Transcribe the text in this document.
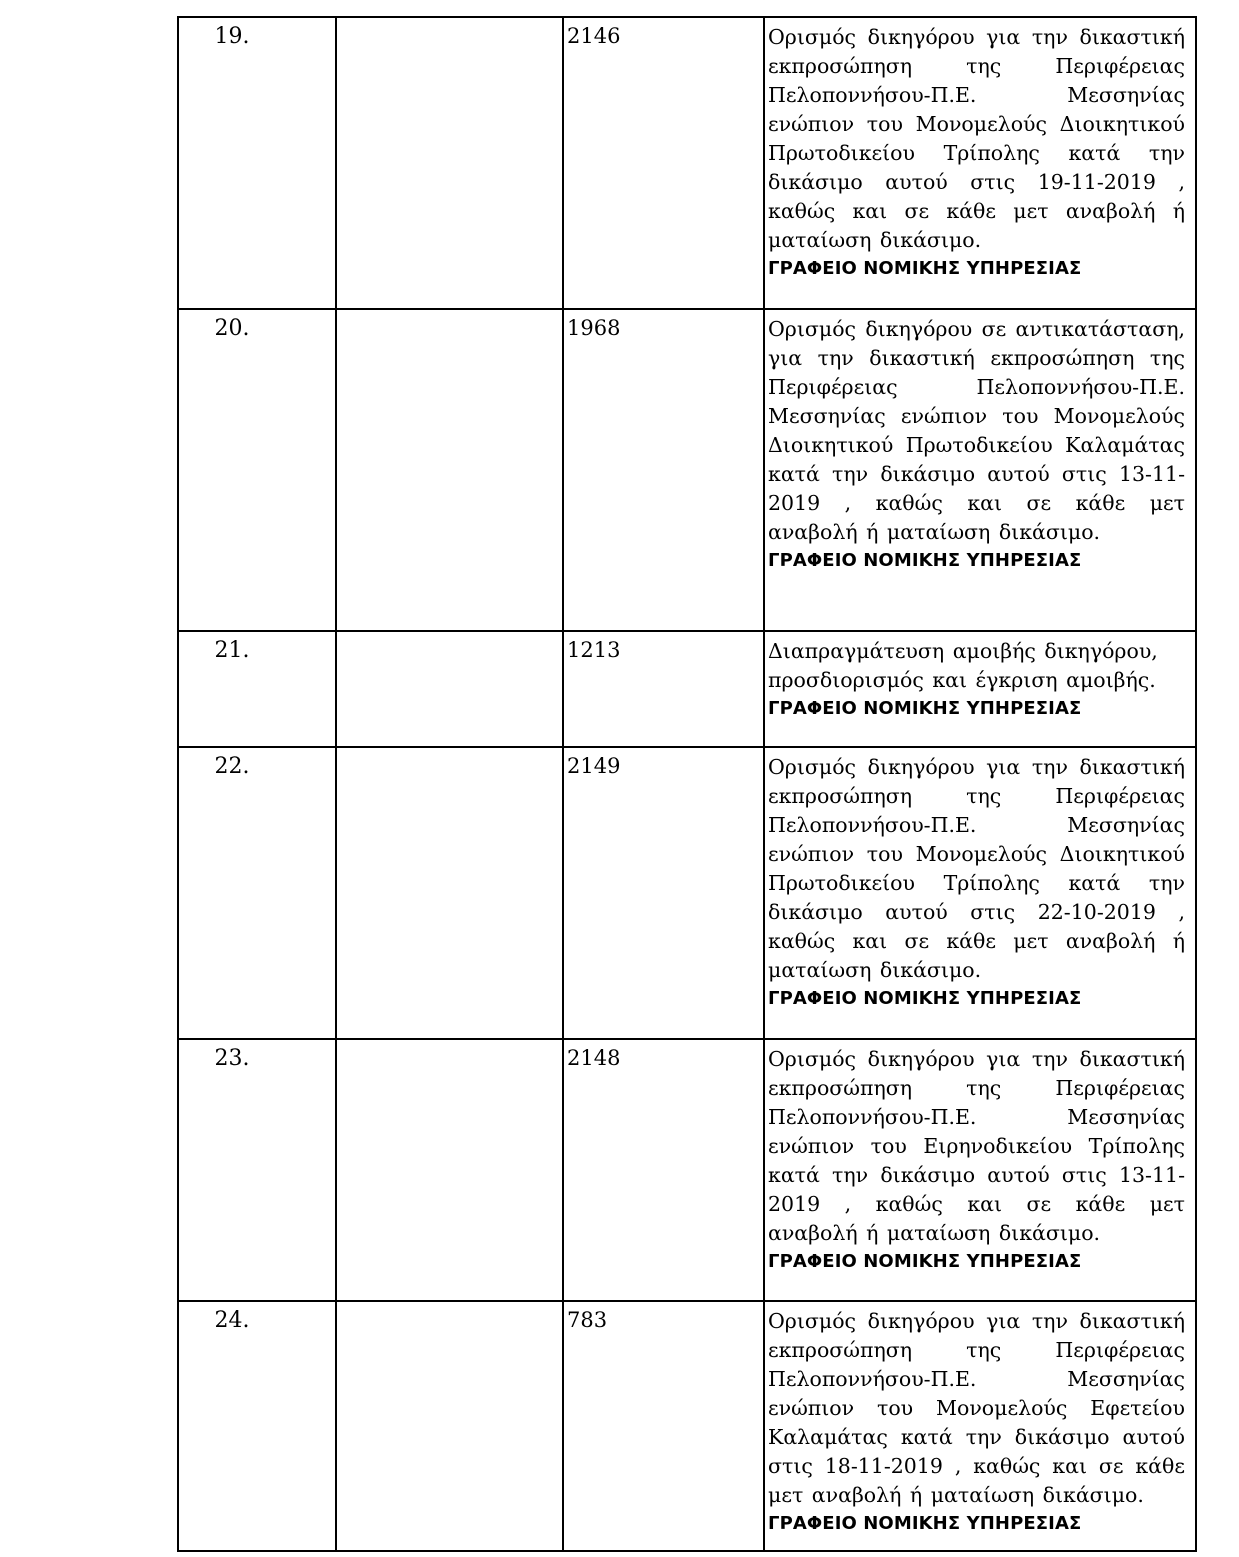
19.		2146	Ορισμός δικηγόρου για την δικαστική εκπροσώπηση της Περιφέρειας Πελοποννήσου-Π.Ε. Μεσσηνίας ενώπιον του Μονομελούς Διοικητικού Πρωτοδικείου Τρίπολης κατά την δικάσιμο αυτού στις 19-11-2019 , καθώς και σε κάθε μετ αναβολή ή ματαίωση δικάσιμο.
ΓΡΑΦΕΙΟ ΝΟΜΙΚΗΣ ΥΠΗΡΕΣΙΑΣ

20.		1968	Ορισμός δικηγόρου σε αντικατάσταση, για την δικαστική εκπροσώπηση της Περιφέρειας Πελοποννήσου-Π.Ε. Μεσσηνίας ενώπιον του Μονομελούς Διοικητικού Πρωτοδικείου Καλαμάτας κατά την δικάσιμο αυτού στις 13-11-2019 , καθώς και σε κάθε μετ αναβολή ή ματαίωση δικάσιμο.
ΓΡΑΦΕΙΟ ΝΟΜΙΚΗΣ ΥΠΗΡΕΣΙΑΣ

21.		1213	Διαπραγμάτευση αμοιβής δικηγόρου, προσδιορισμός και έγκριση αμοιβής.
ΓΡΑΦΕΙΟ ΝΟΜΙΚΗΣ ΥΠΗΡΕΣΙΑΣ

22.		2149	Ορισμός δικηγόρου για την δικαστική εκπροσώπηση της Περιφέρειας Πελοποννήσου-Π.Ε. Μεσσηνίας ενώπιον του Μονομελούς Διοικητικού Πρωτοδικείου Τρίπολης κατά την δικάσιμο αυτού στις 22-10-2019 , καθώς και σε κάθε μετ αναβολή ή ματαίωση δικάσιμο.
ΓΡΑΦΕΙΟ ΝΟΜΙΚΗΣ ΥΠΗΡΕΣΙΑΣ

23.		2148	Ορισμός δικηγόρου για την δικαστική εκπροσώπηση της Περιφέρειας Πελοποννήσου-Π.Ε. Μεσσηνίας ενώπιον του Ειρηνοδικείου Τρίπολης κατά την δικάσιμο αυτού στις 13-11-2019 , καθώς και σε κάθε μετ αναβολή ή ματαίωση δικάσιμο.
ΓΡΑΦΕΙΟ ΝΟΜΙΚΗΣ ΥΠΗΡΕΣΙΑΣ

24.		783	Ορισμός δικηγόρου για την δικαστική εκπροσώπηση της Περιφέρειας Πελοποννήσου-Π.Ε. Μεσσηνίας ενώπιον του Μονομελούς Εφετείου Καλαμάτας κατά την δικάσιμο αυτού στις 18-11-2019 , καθώς και σε κάθε μετ αναβολή ή ματαίωση δικάσιμο.
ΓΡΑΦΕΙΟ ΝΟΜΙΚΗΣ ΥΠΗΡΕΣΙΑΣ
